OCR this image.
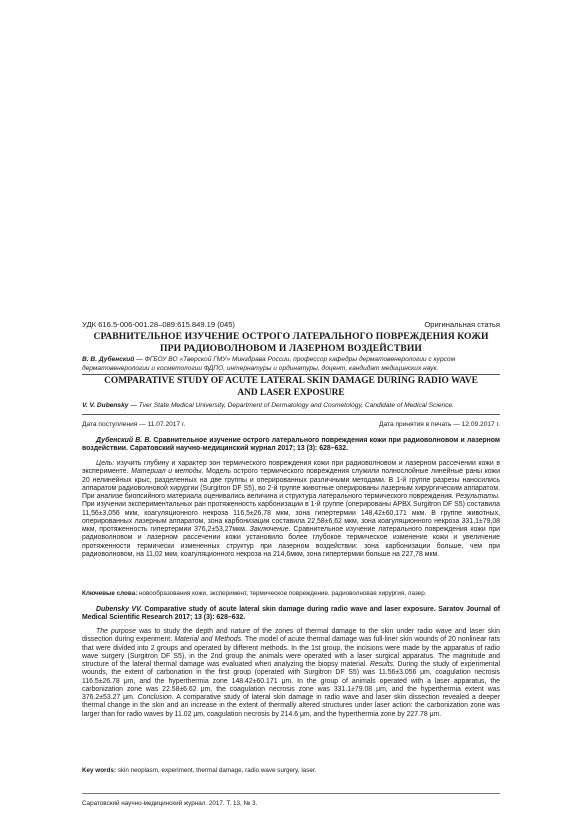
УДК 616.5-006-001.28–089:615.849.19 (045)	Оригинальная статья
СРАВНИТЕЛЬНОЕ ИЗУЧЕНИЕ ОСТРОГО ЛАТЕРАЛЬНОГО ПОВРЕЖДЕНИЯ КОЖИ
ПРИ РАДИОВОЛНОВОМ И ЛАЗЕРНОМ ВОЗДЕЙСТВИИ
В. В. Дубенский — ФГБОУ ВО «Тверской ГМУ» Минздрава России, профессор кафедры дерматовенерологии с курсом дерматовенерологии и косметологии ФДПО, интернатуры и ординатуры, доцент, кандидат медицинских наук.
COMPARATIVE STUDY OF ACUTE LATERAL SKIN DAMAGE DURING RADIO WAVE
AND LASER EXPOSURE
V. V. Dubensky — Tver State Medical University, Department of Dermatology and Cosmetology, Candidate of Medical Science.
Дата поступления — 11.07.2017 г.	Дата принятия в печать — 12.09.2017 г.
Дубенский В. В. Сравнительное изучение острого латерального повреждения кожи при радиоволновом и лазерном воздействии. Саратовский научно-медицинский журнал 2017; 13 (3): 628–632.
Цель: изучить глубину и характер зон термического повреждения кожи при радиоволновом и лазерном рассечении кожи в эксперименте. Материал и методы. Модель острого термического повреждения служили полнослойные линейные раны кожи 20 нелинейных крыс, разделенных на две группы и оперированных различными методами. В 1-й группе разрезы наносились аппаратом радиоволновой хирургии (Surgitron DF S5), во 2-й группе животные оперированы лазерным хирургическим аппаратом. При анализе биопсийного материала оценивались величина и структура латерального термического повреждения. Результаты. При изучении экспериментальных ран протяженность карбонизации в 1-й группе (оперированы АРВХ Surgitron DF S5) составила 11,56±3,056 мкм, коагуляционного некроза 116,5±26,78 мкм, зона гипертермии 148,42±60,171 мкм. В группе животных, оперированных лазерным аппаратом, зона карбонизации составила 22,58±6,62 мкм, зона коагуляционного некроза 331,1±79,08 мкм, протяженность гипертермии 376,2±53,27мкм. Заключение. Сравнительное изучение латерального повреждения кожи при радиоволновом и лазерном рассечении кожи установило более глубокое термическое изменение кожи и увеличение протяженности термически измененных структур при лазерном воздействии: зона карбонизации больше, чем при радиоволновом, на 11,02 мкм, коагуляционного некроза на 214,6мкм, зона гипертермии больше на 227,78 мкм.
Ключевые слова: новообразования кожи, эксперимент, термическое повреждение, радиоволновая хирургия, лазер.
Dubensky VV. Comparative study of acute lateral skin damage during radio wave and laser exposure. Saratov Journal of Medical Scientific Research 2017; 13 (3): 628–632.
The purpose was to study the depth and nature of the zones of thermal damage to the skin under radio wave and laser skin dissection during experiment. Material and Methods. The model of acute thermal damage was full-liner skin wounds of 20 nonlinear rats that were divided into 2 groups and operated by different methods. In the 1st group, the incisions were made by the apparatus of radio wave surgery (Surgitron DF S5), in the 2nd group the animals were operated with a laser surgical apparatus. The magnitude and structure of the lateral thermal damage was evaluated when analyzing the biopsy material. Results. During the study of experimental wounds, the extent of carbonation in the first group (operated with Surgitron DF S5) was 11.56±3.056 μm, coagulation necrosis 116.5±26.78 μm, and the hyperthermia zone 148.42±60.171 μm. In the group of animals operated with a laser apparatus, the carbonization zone was 22.58±6.62 μm, the coagulation necrosis zone was 331.1±79.08 μm, and the hyperthermia extent was 376.2±53.27 μm. Conclusion. A comparative study of lateral skin damage in radio wave and laser skin dissection revealed a deeper thermal change in the skin and an increase in the extent of thermally altered structures under laser action: the carbonization zone was larger than for radio waves by 11.02 μm, coagulation necrosis by 214.6 μm, and the hyperthermia zone by 227.78 μm.
Key words: skin neoplasm, experiment, thermal damage, radio wave surgery, laser.
Саратовский научно-медицинский журнал. 2017. Т. 13, № 3.
